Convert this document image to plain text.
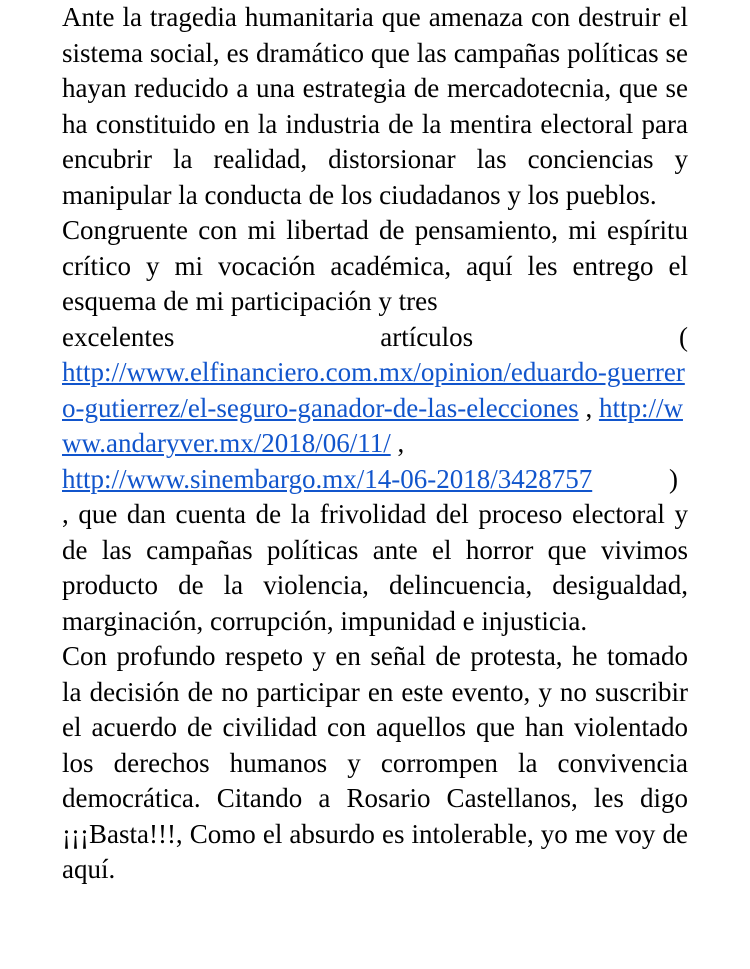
Ante la tragedia humanitaria que amenaza con destruir el sistema social, es dramático que las campañas políticas se hayan reducido a una estrategia de mercadotecnia, que se ha constituido en la industria de la mentira electoral para encubrir la realidad, distorsionar las conciencias y manipular la conducta de los ciudadanos y los pueblos.

Congruente con mi libertad de pensamiento, mi espíritu crítico y mi vocación académica, aquí les entrego el esquema de mi participación y tres

excelentes	artículos	(
http://www.elfinanciero.com.mx/opinion/eduardo-guerrero-gutierrez/el-seguro-ganador-de-las-elecciones , http://www.andaryver.mx/2018/06/11/ ,
http://www.sinembargo.mx/14-06-2018/3428757	)

, que dan cuenta de la frivolidad del proceso electoral y de las campañas políticas ante el horror que vivimos producto de la violencia, delincuencia, desigualdad, marginación, corrupción, impunidad e injusticia.

Con profundo respeto y en señal de protesta, he tomado la decisión de no participar en este evento, y no suscribir el acuerdo de civilidad con aquellos que han violentado los derechos humanos y corrompen la convivencia democrática. Citando a Rosario Castellanos, les digo ¡¡¡Basta!!!, Como el absurdo es intolerable, yo me voy de aquí.
